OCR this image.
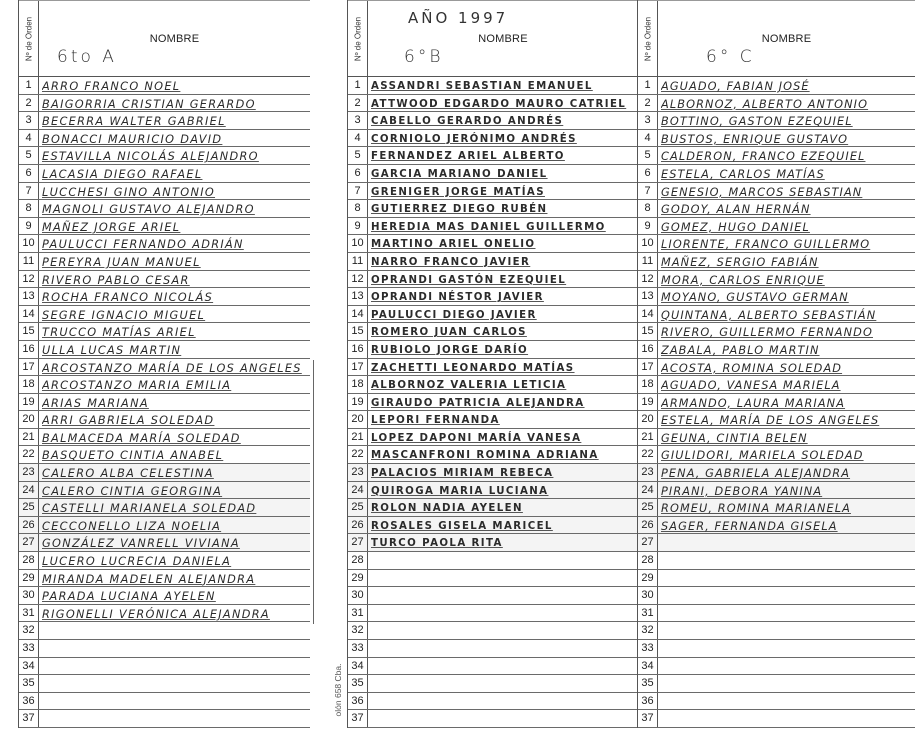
Nº de Orden	NOMBRE
6to A
1 ARRO FRANCO NOEL
2 BAIGORRIA CRISTIAN GERARDO
3 BECERRA WALTER GABRIEL
4 BONACCI MAURICIO DAVID
5 ESTAVILLA NICOLÁS ALEJANDRO
6 LACASIA DIEGO RAFAEL
7 LUCCHESI GINO ANTONIO
8 MAGNOLI GUSTAVO ALEJANDRO
9 MAÑEZ JORGE ARIEL
10 PAULUCCI FERNANDO ADRIÁN
11 PEREYRA JUAN MANUEL
12 RIVERO PABLO CESAR
13 ROCHA FRANCO NICOLÁS
14 SEGRE IGNACIO MIGUEL
15 TRUCCO MATÍAS ARIEL
16 ULLA LUCAS MARTIN
17 ARCOSTANZO MARÍA DE LOS ANGELES
18 ARCOSTANZO MARIA EMILIA
19 ARIAS MARIANA
20 ARRI GABRIELA SOLEDAD
21 BALMACEDA MARÍA SOLEDAD
22 BASQUETO CINTIA ANABEL
23 CALERO ALBA CELESTINA
24 CALERO CINTIA GEORGINA
25 CASTELLI MARIANELA SOLEDAD
26 CECCONELLO LIZA NOELIA
27 GONZÁLEZ VANRELL VIVIANA
28 LUCERO LUCRECIA DANIELA
29 MIRANDA MADELEN ALEJANDRA
30 PARADA LUCIANA AYELEN
31 RIGONELLI VERÓNICA ALEJANDRA
32
33
34
35
36
37
AÑO 1997
Nº de Orden	NOMBRE
6°B
1	ASSANDRI SEBASTIAN EMANUEL
2	ATTWOOD EDGARDO MAURO CATRIEL
3	CABELLO GERARDO ANDRÉS
4	CORNIOLO JERÓNIMO ANDRÉS
5	FERNANDEZ ARIEL ALBERTO
6	GARCIA MARIANO DANIEL
7	GRENIGER JORGE MATÍAS
8	GUTIERREZ DIEGO RUBÉN
9	HEREDIA MAS DANIEL GUILLERMO
10 MARTINO ARIEL ONELIO
11 NARRO FRANCO JAVIER
12 OPRANDI GASTÓN EZEQUIEL
13 OPRANDI NÉSTOR JAVIER
14 PAULUCCI DIEGO JAVIER
15 ROMERO JUAN CARLOS
16 RUBIOLO JORGE DARÍO
17 ZACHETTI LEONARDO MATÍAS
18 ALBORNOZ VALERIA LETICIA
19 GIRAUDO PATRICIA ALEJANDRA
20 LEPORI FERNANDA
21 LOPEZ DAPONI MARÍA VANESA
22 MASCANFRONI ROMINA ADRIANA
23 PALACIOS MIRIAM REBECA
24 QUIROGA MARIA LUCIANA
25 ROLON NADIA AYELEN
26 ROSALES GISELA MARICEL
27 TURCO PAOLA RITA
28
29
30
31
32
33
34
35
36
37
Nº de Orden	NOMBRE
6° C
1 AGUADO, FABIAN JOSÉ
2 ALBORNOZ, ALBERTO ANTONIO
3 BOTTINO, GASTON EZEQUIEL
4 BUSTOS, ENRIQUE GUSTAVO
5 CALDERON, FRANCO EZEQUIEL
6 ESTELA, CARLOS MATÍAS
7 GENESIO, MARCOS SEBASTIAN
8 GODOY, ALAN HERNÁN
9 GOMEZ, HUGO DANIEL
10 LIORENTE, FRANCO GUILLERMO
11 MAÑEZ, SERGIO FABIÁN
12 MORA, CARLOS ENRIQUE
13 MOYANO, GUSTAVO GERMAN
14 QUINTANA, ALBERTO SEBASTIÁN
15 RIVERO, GUILLERMO FERNANDO
16 ZABALA, PABLO MARTIN
17 ACOSTA, ROMINA SOLEDAD
18 AGUADO, VANESA MARIELA
19 ARMANDO, LAURA MARIANA
20 ESTELA, MARÍA DE LOS ANGELES
21 GEUNA, CINTIA BELEN
22 GIULIDORI, MARIELA SOLEDAD
23 PENA, GABRIELA ALEJANDRA
24 PIRANI, DEBORA YANINA
25 ROMEU, ROMINA MARIANELA
26 SAGER, FERNANDA GISELA
27
28
29
30
31
32
33
34
35
36
37
olón 658 Cba.
